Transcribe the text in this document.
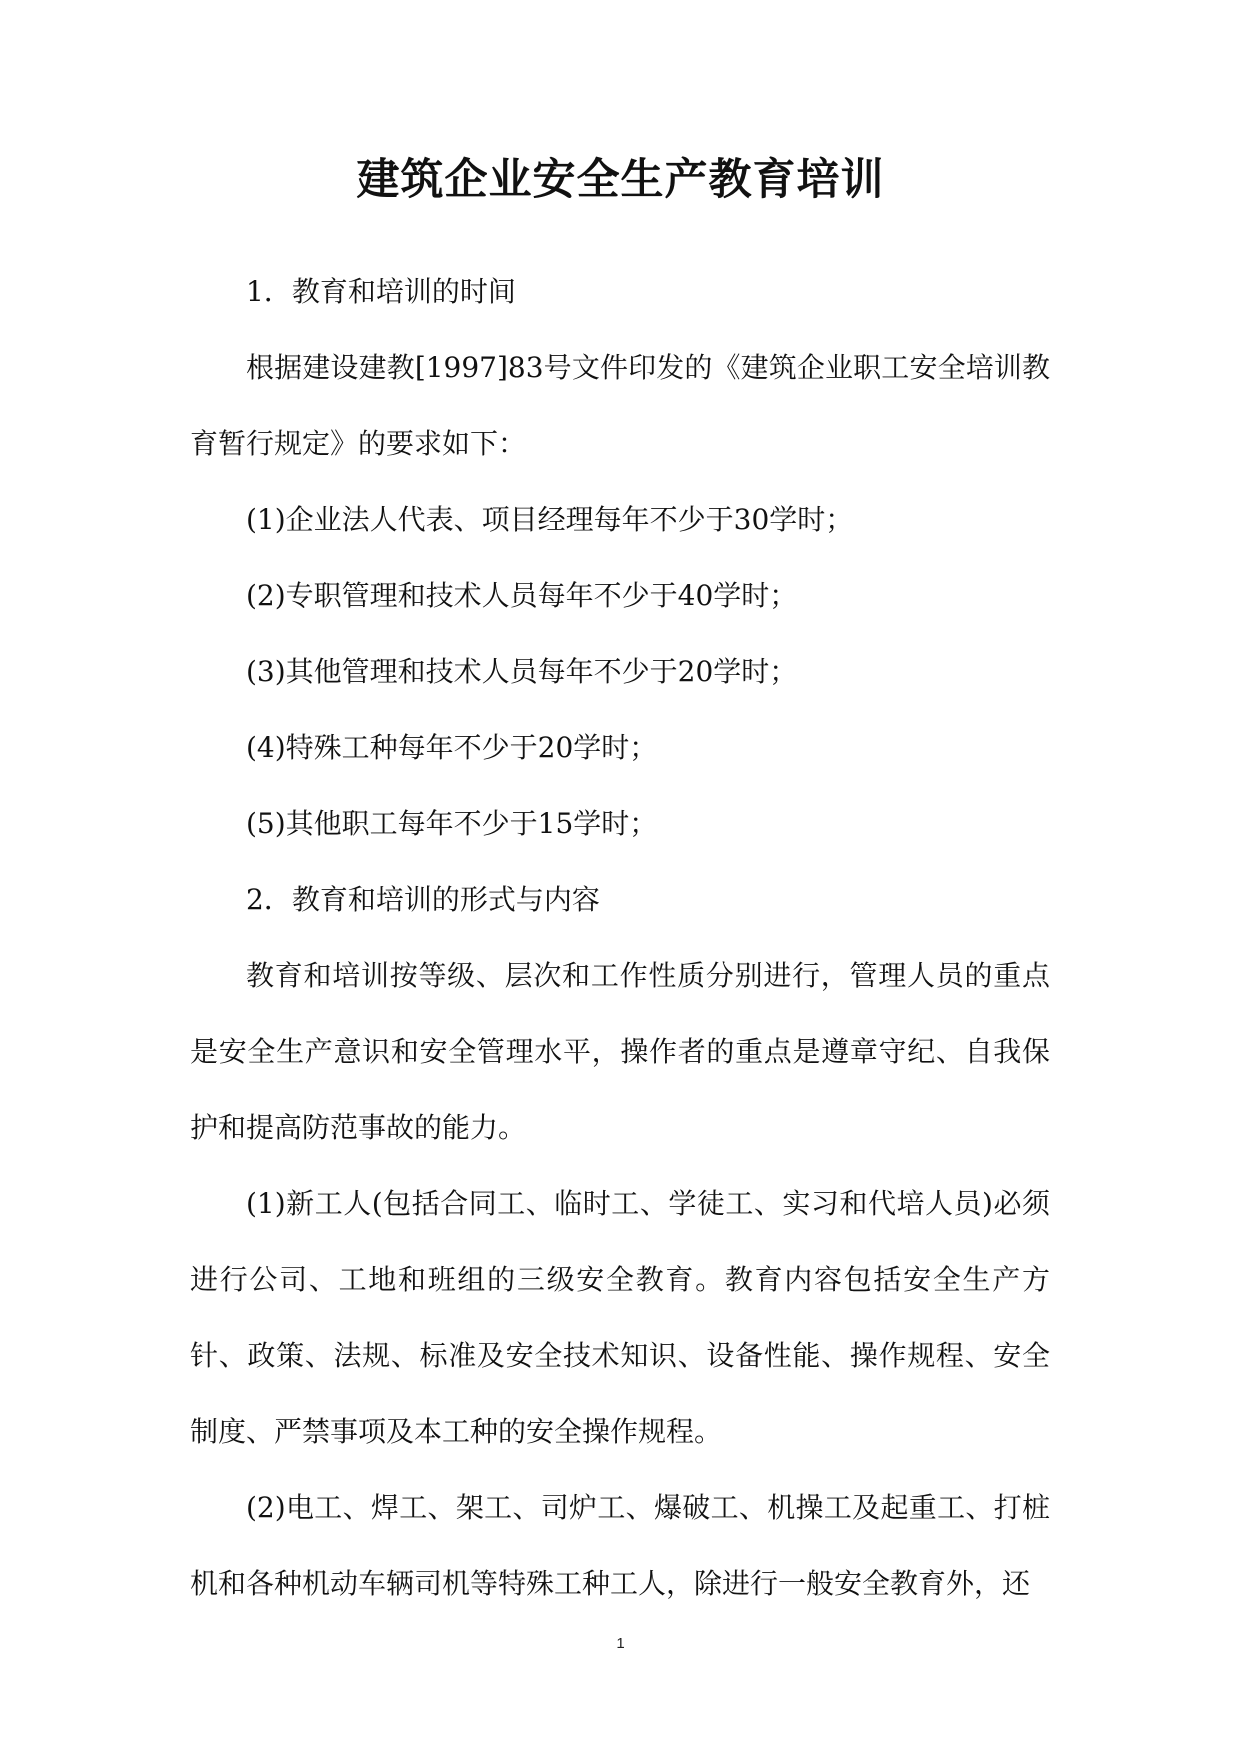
建筑企业安全生产教育培训

1．教育和培训的时间

根据建设建教[1997]83号文件印发的《建筑企业职工安全培训教育暂行规定》的要求如下：

(1)企业法人代表、项目经理每年不少于30学时；

(2)专职管理和技术人员每年不少于40学时；

(3)其他管理和技术人员每年不少于20学时；

(4)特殊工种每年不少于20学时；

(5)其他职工每年不少于15学时；

2．教育和培训的形式与内容

教育和培训按等级、层次和工作性质分别进行，管理人员的重点是安全生产意识和安全管理水平，操作者的重点是遵章守纪、自我保护和提高防范事故的能力。

(1)新工人(包括合同工、临时工、学徒工、实习和代培人员)必须进行公司、工地和班组的三级安全教育。教育内容包括安全生产方针、政策、法规、标准及安全技术知识、设备性能、操作规程、安全制度、严禁事项及本工种的安全操作规程。

(2)电工、焊工、架工、司炉工、爆破工、机操工及起重工、打桩机和各种机动车辆司机等特殊工种工人，除进行一般安全教育外，还

1
